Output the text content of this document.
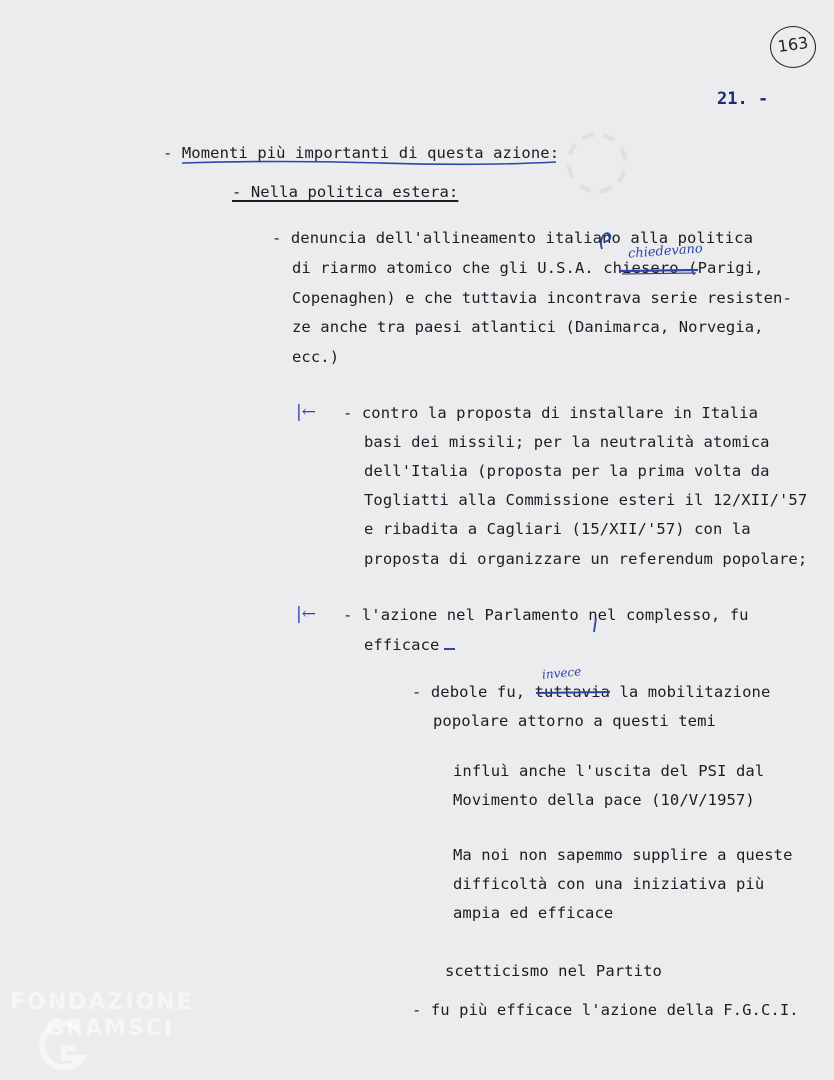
◌
163
21. -
- Momenti più importanti di questa azione:
- Nella politica estera:
- denuncia dell'allineamento italiano alla politica
di riarmo atomico che gli U.S.A. chiesero (Parigi,
Copenaghen) e che tuttavia incontrava serie resisten-
ze anche tra paesi atlantici (Danimarca, Norvegia,
ecc.)
chiedevano
|← - contro la proposta di installare in Italia
basi dei missili; per la neutralità atomica
dell'Italia (proposta per la prima volta da
Togliatti alla Commissione esteri il 12/XII/'57
e ribadita a Cagliari (15/XII/'57) con la
proposta di organizzare un referendum popolare;
|← - l'azione nel Parlamento nel complesso, fu
efficace
- debole fu, tuttavia la mobilitazione
popolare attorno a questi temi
invece
influì anche l'uscita del PSI dal
Movimento della pace (10/V/1957)
Ma noi non sapemmo supplire a queste
difficoltà con una iniziativa più
ampia ed efficace
scetticismo nel Partito
- fu più efficace l'azione della F.G.C.I.
FONDAZIONE
GRAMSCI
